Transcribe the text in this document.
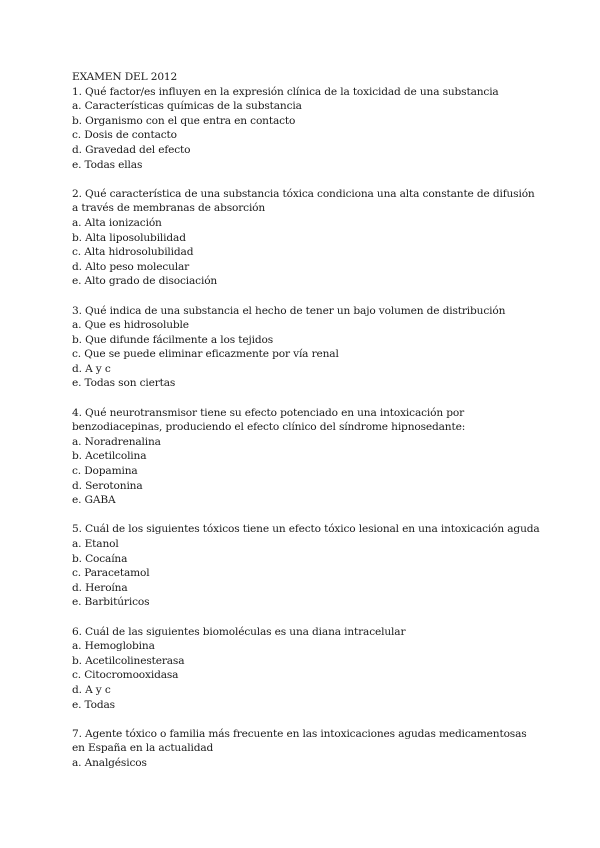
EXAMEN DEL 2012

1. Qué factor/es influyen en la expresión clínica de la toxicidad de una substancia

a. Características químicas de la substancia

b. Organismo con el que entra en contacto

c. Dosis de contacto

d. Gravedad del efecto

e. Todas ellas

2. Qué característica de una substancia tóxica condiciona una alta constante de difusión a través de membranas de absorción

a. Alta ionización

b. Alta liposolubilidad

c. Alta hidrosolubilidad

d. Alto peso molecular

e. Alto grado de disociación

3. Qué indica de una substancia el hecho de tener un bajo volumen de distribución

a. Que es hidrosoluble

b. Que difunde fácilmente a los tejidos

c. Que se puede eliminar eficazmente por vía renal

d. A y c

e. Todas son ciertas

4. Qué neurotransmisor tiene su efecto potenciado en una intoxicación por benzodiacepinas, produciendo el efecto clínico del síndrome hipnosedante:

a. Noradrenalina

b. Acetilcolina

c. Dopamina

d. Serotonina

e. GABA

5. Cuál de los siguientes tóxicos tiene un efecto tóxico lesional en una intoxicación aguda

a. Etanol

b. Cocaína

c. Paracetamol

d. Heroína

e. Barbitúricos

6. Cuál de las siguientes biomoléculas es una diana intracelular

a. Hemoglobina

b. Acetilcolinesterasa

c. Citocromooxidasa

d. A y c

e. Todas

7. Agente tóxico o familia más frecuente en las intoxicaciones agudas medicamentosas en España en la actualidad

a. Analgésicos
